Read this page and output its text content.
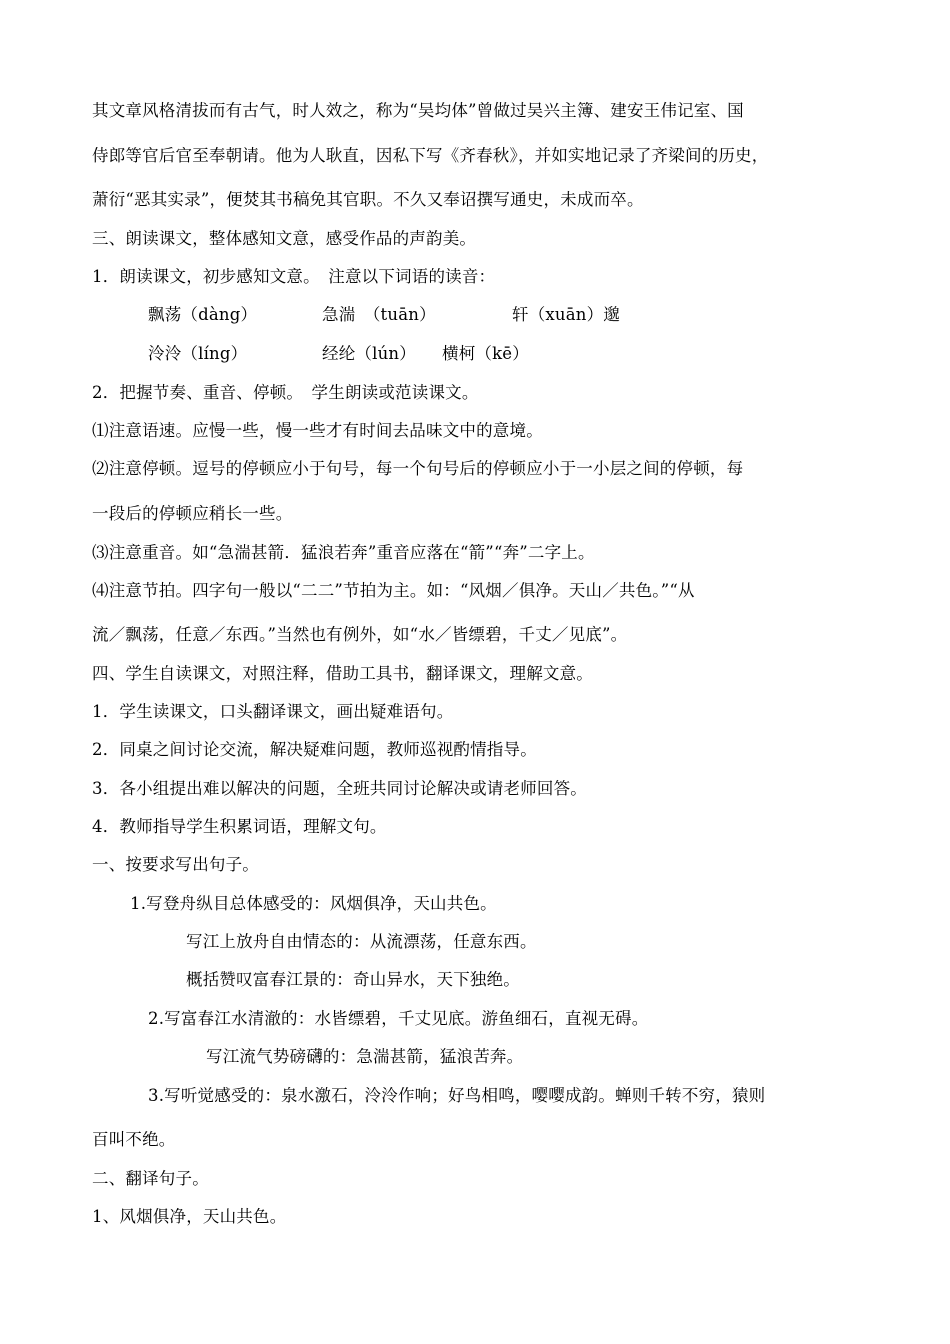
其文章风格清拔而有古气，时人效之，称为“吴均体”曾做过吴兴主簿、建安王伟记室、国
侍郎等官后官至奉朝请。他为人耿直，因私下写《齐春秋》，并如实地记录了齐梁间的历史，
萧衍“恶其实录”，便焚其书稿免其官职。不久又奉诏撰写通史，未成而卒。
三、朗读课文，整体感知文意，感受作品的声韵美。
1．朗读课文，初步感知文意。　注意以下词语的读音：
飘荡（dàng）	急湍　（tuān）	轩（xuān）邈
泠泠（líng）	经纶（lún） 横柯（kē）
2．把握节奏、重音、停顿。　学生朗读或范读课文。
⑴注意语速。应慢一些，慢一些才有时间去品味文中的意境。
⑵注意停顿。逗号的停顿应小于句号，每一个句号后的停顿应小于一小层之间的停顿，每
一段后的停顿应稍长一些。
⑶注意重音。如“急湍甚箭．猛浪若奔”重音应落在“箭”“奔”二字上。
⑷注意节拍。四字句一般以“二二”节拍为主。如：“风烟／俱净。天山／共色。”“从
流／飘荡，任意／东西。”当然也有例外，如“水／皆缥碧，千丈／见底”。
四、学生自读课文，对照注释，借助工具书，翻译课文，理解文意。
1．学生读课文，口头翻译课文，画出疑难语句。
2．同桌之间讨论交流，解决疑难问题，教师巡视酌情指导。
3．各小组提出难以解决的问题，全班共同讨论解决或请老师回答。
4．教师指导学生积累词语，理解文句。
一、按要求写出句子。
1.写登舟纵目总体感受的：风烟俱净，天山共色。
写江上放舟自由情态的：从流漂荡，任意东西。
概括赞叹富春江景的：奇山异水，天下独绝。
2.写富春江水清澈的：水皆缥碧，千丈见底。游鱼细石，直视无碍。
写江流气势磅礴的：急湍甚箭，猛浪苦奔。
3.写听觉感受的：泉水激石，泠泠作响；好鸟相鸣，嘤嘤成韵。蝉则千转不穷，猿则
百叫不绝。
二、翻译句子。
1、风烟俱净，天山共色。
